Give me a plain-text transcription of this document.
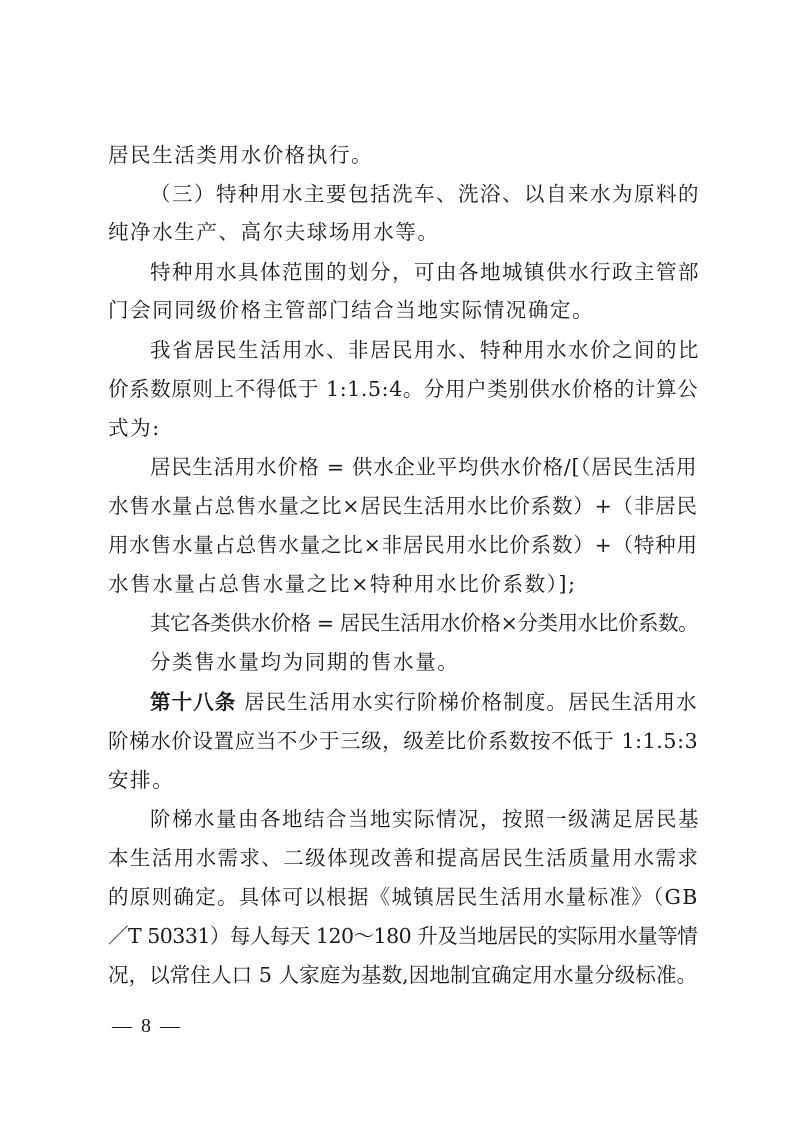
居民生活类用水价格执行。
（三）特种用水主要包括洗车、洗浴、以自来水为原料的
纯净水生产、高尔夫球场用水等。
特种用水具体范围的划分，可由各地城镇供水行政主管部
门会同同级价格主管部门结合当地实际情况确定。
我省居民生活用水、非居民用水、特种用水水价之间的比
价系数原则上不得低于 1:1.5:4。分用户类别供水价格的计算公
式为:
居民生活用水价格 = 供水企业平均供水价格/[（居民生活用
水售水量占总售水量之比×居民生活用水比价系数）+（非居民
用水售水量占总售水量之比×非居民用水比价系数）+（特种用
水售水量占总售水量之比×特种用水比价系数）];
其它各类供水价格 = 居民生活用水价格×分类用水比价系数。
分类售水量均为同期的售水量。
第十八条 居民生活用水实行阶梯价格制度。居民生活用水
阶梯水价设置应当不少于三级，级差比价系数按不低于 1:1.5:3
安排。
阶梯水量由各地结合当地实际情况，按照一级满足居民基
本生活用水需求、二级体现改善和提高居民生活质量用水需求
的原则确定。具体可以根据《城镇居民生活用水量标准》（GB
／T 50331）每人每天 120～180 升及当地居民的实际用水量等情
况，以常住人口 5 人家庭为基数,因地制宜确定用水量分级标准。
— 8 —
